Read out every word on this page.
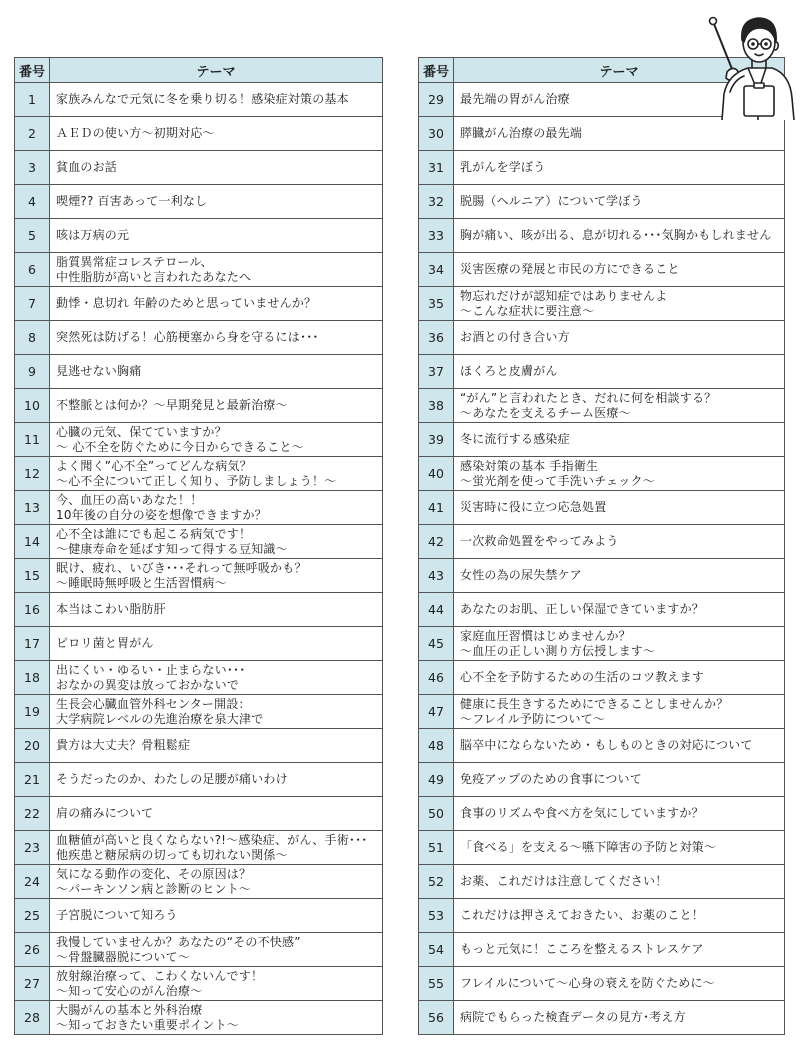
番号	テーマ
1	家族みんなで元気に冬を乗り切る！感染症対策の基本
2	ＡＥＤの使い方〜初期対応〜
3	貧血のお話
4	喫煙?? 百害あって一利なし
5	咳は万病の元
6	脂質異常症コレステロール、
中性脂肪が高いと言われたあなたへ
7	動悸・息切れ 年齢のためと思っていませんか？
8	突然死は防げる！心筋梗塞から身を守るには･･･
9	見逃せない胸痛
10	不整脈とは何か？〜早期発見と最新治療〜
11	心臓の元気、保てていますか？
〜 心不全を防ぐために今日からできること〜
12	よく聞く”心不全”ってどんな病気？
〜心不全について正しく知り、予防しましょう！〜
13	今、血圧の高いあなた！！
10年後の自分の姿を想像できますか？
14	心不全は誰にでも起こる病気です！
〜健康寿命を延ばす知って得する豆知識〜
15	眠け、疲れ、いびき･･･それって無呼吸かも？
〜睡眠時無呼吸と生活習慣病〜
16	本当はこわい脂肪肝
17	ピロリ菌と胃がん
18	出にくい・ゆるい・止まらない･･･
おなかの異変は放っておかないで
19	生長会心臓血管外科センター開設：
大学病院レベルの先進治療を泉大津で
20	貴方は大丈夫？骨粗鬆症
21	そうだったのか、わたしの足腰が痛いわけ
22	肩の痛みについて
23	血糖値が高いと良くならない?!〜感染症、がん、手術･･･
他疾患と糖尿病の切っても切れない関係〜
24	気になる動作の変化、その原因は？
〜パーキンソン病と診断のヒント〜
25	子宮脱について知ろう
26	我慢していませんか？あなたの“その不快感”
〜骨盤臓器脱について〜
27	放射線治療って、こわくないんです！
〜知って安心のがん治療〜
28	大腸がんの基本と外科治療
〜知っておきたい重要ポイント〜
番号	テーマ
29	最先端の胃がん治療
30	膵臓がん治療の最先端
31	乳がんを学ぼう
32	脱腸（ヘルニア）について学ぼう
33	胸が痛い、咳が出る、息が切れる･･･気胸かもしれません
34	災害医療の発展と市民の方にできること
35	物忘れだけが認知症ではありませんよ
〜こんな症状に要注意〜
36	お酒との付き合い方
37	ほくろと皮膚がん
38	“がん”と言われたとき、だれに何を相談する？
〜あなたを支えるチーム医療〜
39	冬に流行する感染症
40	感染対策の基本 手指衛生
〜蛍光剤を使って手洗いチェック〜
41	災害時に役に立つ応急処置
42	一次救命処置をやってみよう
43	女性の為の尿失禁ケア
44	あなたのお肌、正しい保湿できていますか？
45	家庭血圧習慣はじめませんか？
〜血圧の正しい測り方伝授します〜
46	心不全を予防するための生活のコツ教えます
47	健康に長生きするためにできることしませんか？
〜フレイル予防について〜
48	脳卒中にならないため・もしものときの対応について
49	免疫アップのための食事について
50	食事のリズムや食べ方を気にしていますか？
51	「食べる」を支える〜嚥下障害の予防と対策〜
52	お薬、これだけは注意してください！
53	これだけは押さえておきたい、お薬のこと！
54	もっと元気に！こころを整えるストレスケア
55	フレイルについて〜心身の衰えを防ぐために〜
56	病院でもらった検査データの見方･考え方
